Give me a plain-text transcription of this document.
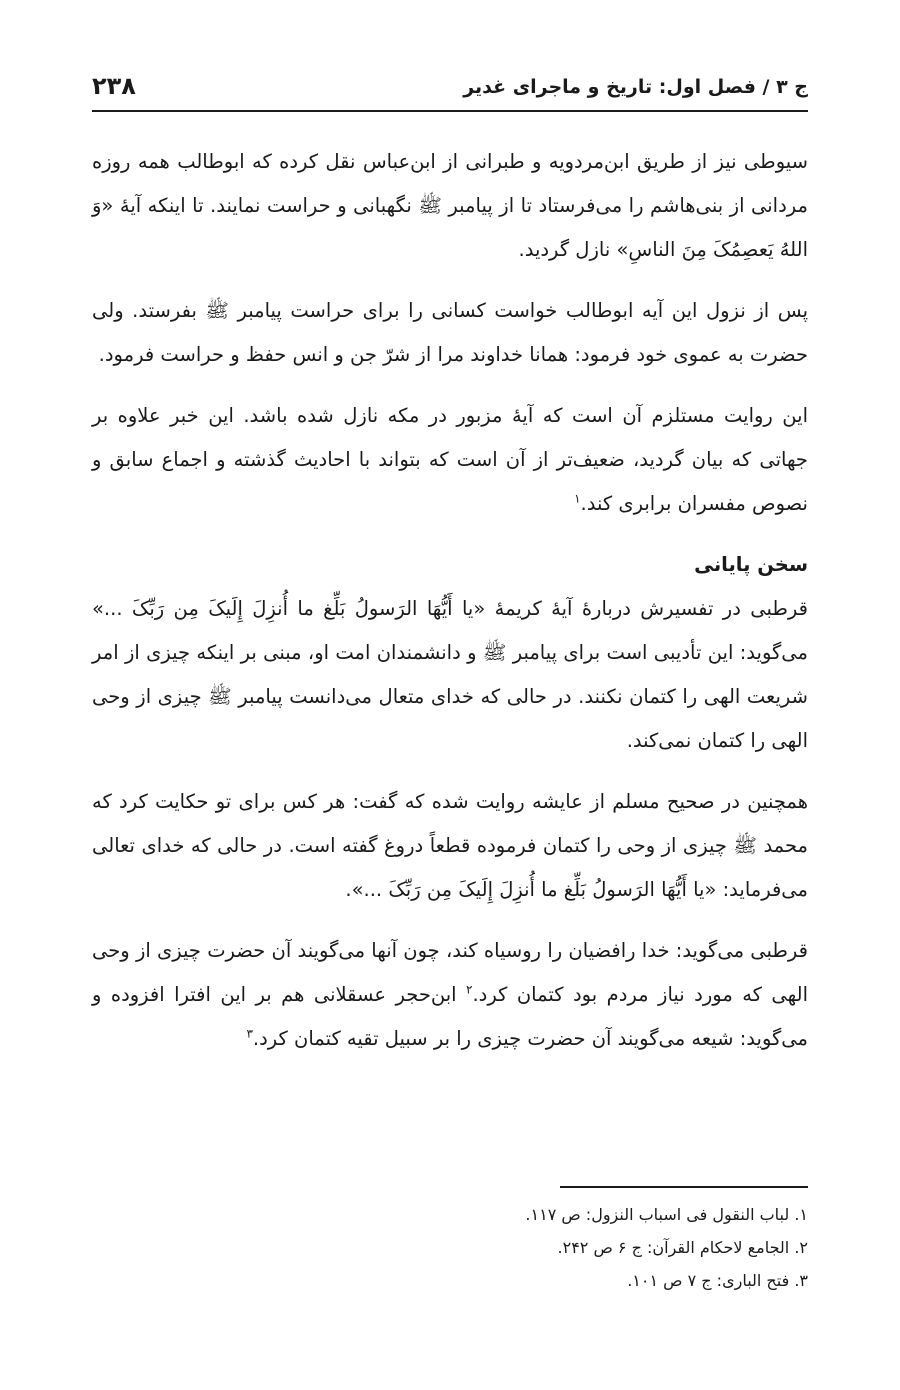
ج ۳ / فصل اول: تاریخ و ماجرای غدیر
۲۳۸

سیوطی نیز از طریق ابن‌مردویه و طبرانی از ابن‌عباس نقل کرده که ابوطالب همه روزه مردانی از بنی‌هاشم را می‌فرستاد تا از پیامبر ﷺ نگهبانی و حراست نمایند. تا اینکه آیهٔ «وَ اللهُ یَعصِمُکَ مِنَ الناسِ» نازل گردید.

پس از نزول این آیه ابوطالب خواست کسانی را برای حراست پیامبر ﷺ بفرستد. ولی حضرت به عموی خود فرمود: همانا خداوند مرا از شرّ جن و انس حفظ و حراست فرمود.

این روایت مستلزم آن است که آیهٔ مزبور در مکه نازل شده باشد. این خبر علاوه بر جهاتی که بیان گردید، ضعیف‌تر از آن است که بتواند با احادیث گذشته و اجماع سابق و نصوص مفسران برابری کند.$^۱$

سخن پایانی

قرطبی در تفسیرش دربارهٔ آیهٔ کریمهٔ «یا أَیُّهَا الرَسولُ بَلِّغ ما أُنزِلَ إِلَیکَ مِن رَبِّکَ ...» می‌گوید: این تأدیبی است برای پیامبر ﷺ و دانشمندان امت او، مبنی بر اینکه چیزی از امر شریعت الهی را کتمان نکنند. در حالی که خدای متعال می‌دانست پیامبر ﷺ چیزی از وحی الهی را کتمان نمی‌کند.

همچنین در صحیح مسلم از عایشه روایت شده که گفت: هر کس برای تو حکایت کرد که محمد ﷺ چیزی از وحی را کتمان فرموده قطعاً دروغ گفته است. در حالی که خدای تعالی می‌فرماید: «یا أَیُّهَا الرَسولُ بَلِّغ ما أُنزِلَ إِلَیکَ مِن رَبِّکَ ...».

قرطبی می‌گوید: خدا رافضیان را روسیاه کند، چون آنها می‌گویند آن حضرت چیزی از وحی الهی که مورد نیاز مردم بود کتمان کرد.$^۲$ ابن‌حجر عسقلانی هم بر این افترا افزوده و می‌گوید: شیعه می‌گویند آن حضرت چیزی را بر سبیل تقیه کتمان کرد.$^۳$

۱. لباب النقول فی اسباب النزول: ص ۱۱۷.
۲. الجامع لاحکام القرآن: ج ۶ ص ۲۴۲.
۳. فتح الباری: ج ۷ ص ۱۰۱.
